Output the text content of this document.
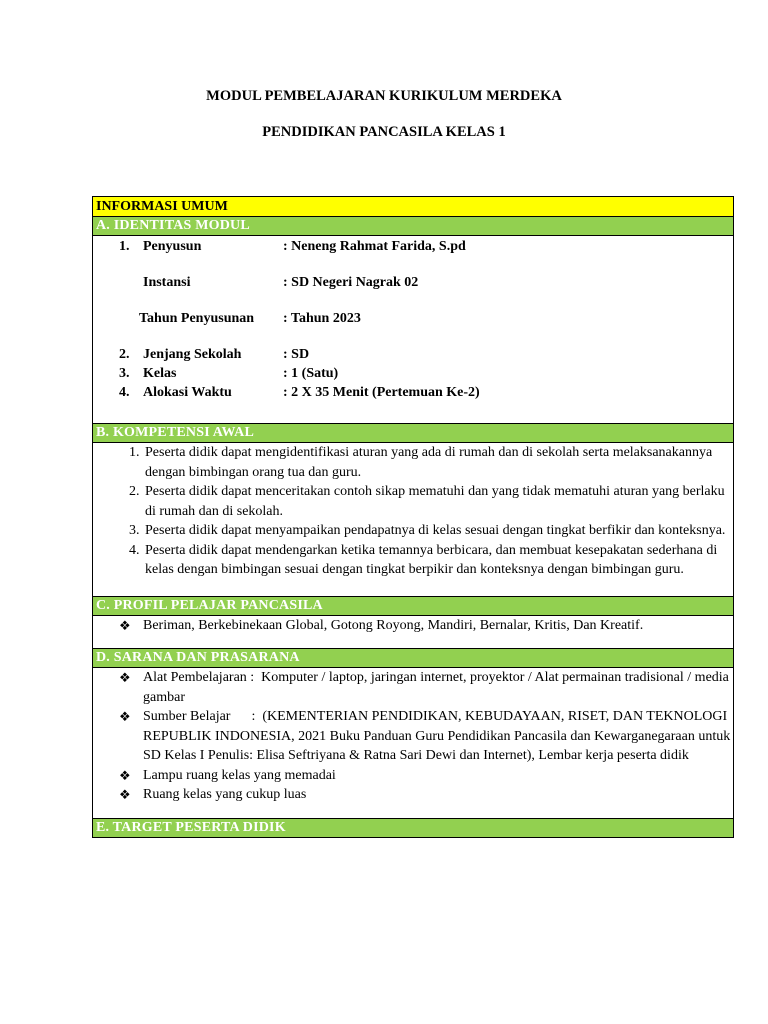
MODUL PEMBELAJARAN KURIKULUM MERDEKA
PENDIDIKAN PANCASILA KELAS 1
INFORMASI UMUM
A. IDENTITAS MODUL

1. Penyusun	: Neneng Rahmat Farida, S.pd
Instansi	: SD Negeri Nagrak 02
Tahun Penyusunan : Tahun 2023
2. Jenjang Sekolah	: SD
3. Kelas	: 1 (Satu)
4. Alokasi Waktu	: 2 X 35 Menit (Pertemuan Ke-2)

B. KOMPETENSI AWAL

1. Peserta didik dapat mengidentifikasi aturan yang ada di rumah dan di sekolah serta melaksanakannya dengan bimbingan orang tua dan guru.
2. Peserta didik dapat menceritakan contoh sikap mematuhi dan yang tidak mematuhi aturan yang berlaku di rumah dan di sekolah.
3. Peserta didik dapat menyampaikan pendapatnya di kelas sesuai dengan tingkat berfikir dan konteksnya.
4. Peserta didik dapat mendengarkan ketika temannya berbicara, dan membuat kesepakatan sederhana di kelas dengan bimbingan sesuai dengan tingkat berpikir dan konteksnya dengan bimbingan guru.

C. PROFIL PELAJAR PANCASILA

❖ Beriman, Berkebinekaan Global, Gotong Royong, Mandiri, Bernalar, Kritis, Dan Kreatif.

D. SARANA DAN PRASARANA

❖ Alat Pembelajaran :  Komputer / laptop, jaringan internet, proyektor / Alat permainan tradisional / media gambar
❖ Sumber Belajar      :  (KEMENTERIAN PENDIDIKAN, KEBUDAYAAN, RISET, DAN TEKNOLOGI REPUBLIK INDONESIA, 2021 Buku Panduan Guru Pendidikan Pancasila dan Kewarganegaraan untuk SD Kelas I Penulis: Elisa Seftriyana & Ratna Sari Dewi dan Internet), Lembar kerja peserta didik
❖ Lampu ruang kelas yang memadai
❖ Ruang kelas yang cukup luas

E. TARGET PESERTA DIDIK
